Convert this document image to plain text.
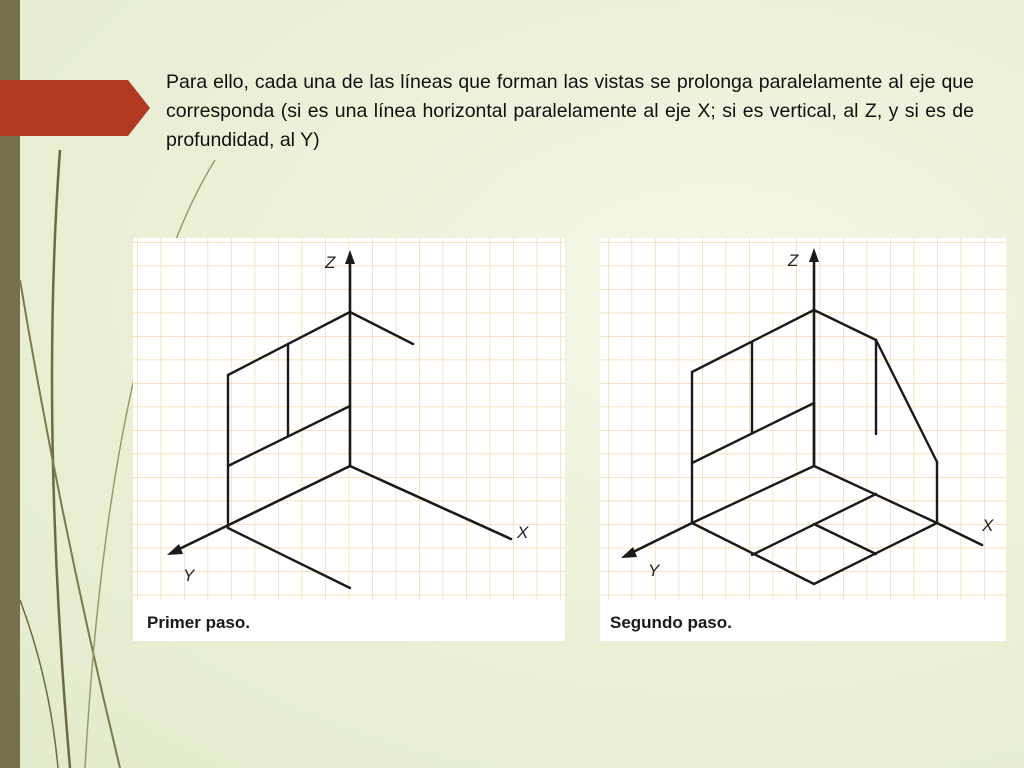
Para ello, cada una de las líneas que forman las vistas se prolonga paralelamente al eje que corresponda (si es una línea horizontal paralelamente al eje X; si es vertical, al Z, y si es de profundidad, al Y)

Z
X
Y
Primer paso.
Z
X
Y
Segundo paso.
